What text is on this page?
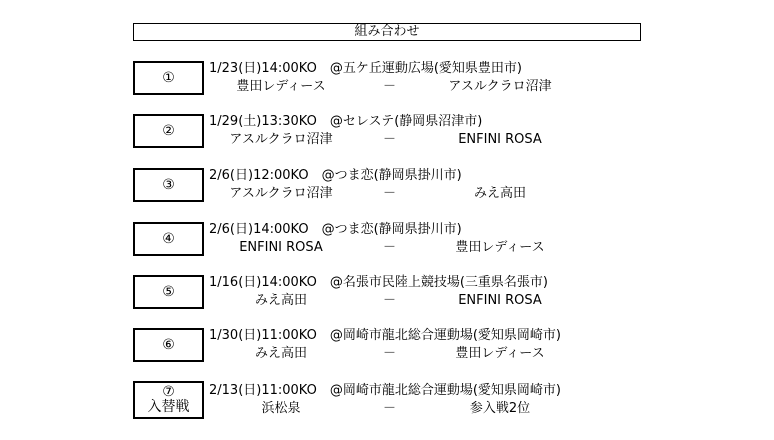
組み合わせ
①
1/23(日)14:00KO　@五ケ丘運動広場(愛知県豊田市)
豊田レディース	－	アスルクラロ沼津
②
1/29(土)13:30KO　@セレステ(静岡県沼津市)
アスルクラロ沼津	－	ENFINI ROSA
③
2/6(日)12:00KO　@つま恋(静岡県掛川市)
アスルクラロ沼津	－	みえ高田
④
2/6(日)14:00KO　@つま恋(静岡県掛川市)
ENFINI ROSA	－	豊田レディース
⑤
1/16(日)14:00KO　@名張市民陸上競技場(三重県名張市)
みえ高田	－	ENFINI ROSA
⑥
1/30(日)11:00KO　@岡崎市龍北総合運動場(愛知県岡崎市)
みえ高田	－	豊田レディース
⑦
入替戦
2/13(日)11:00KO　@岡崎市龍北総合運動場(愛知県岡崎市)
浜松泉	－	参入戦2位
